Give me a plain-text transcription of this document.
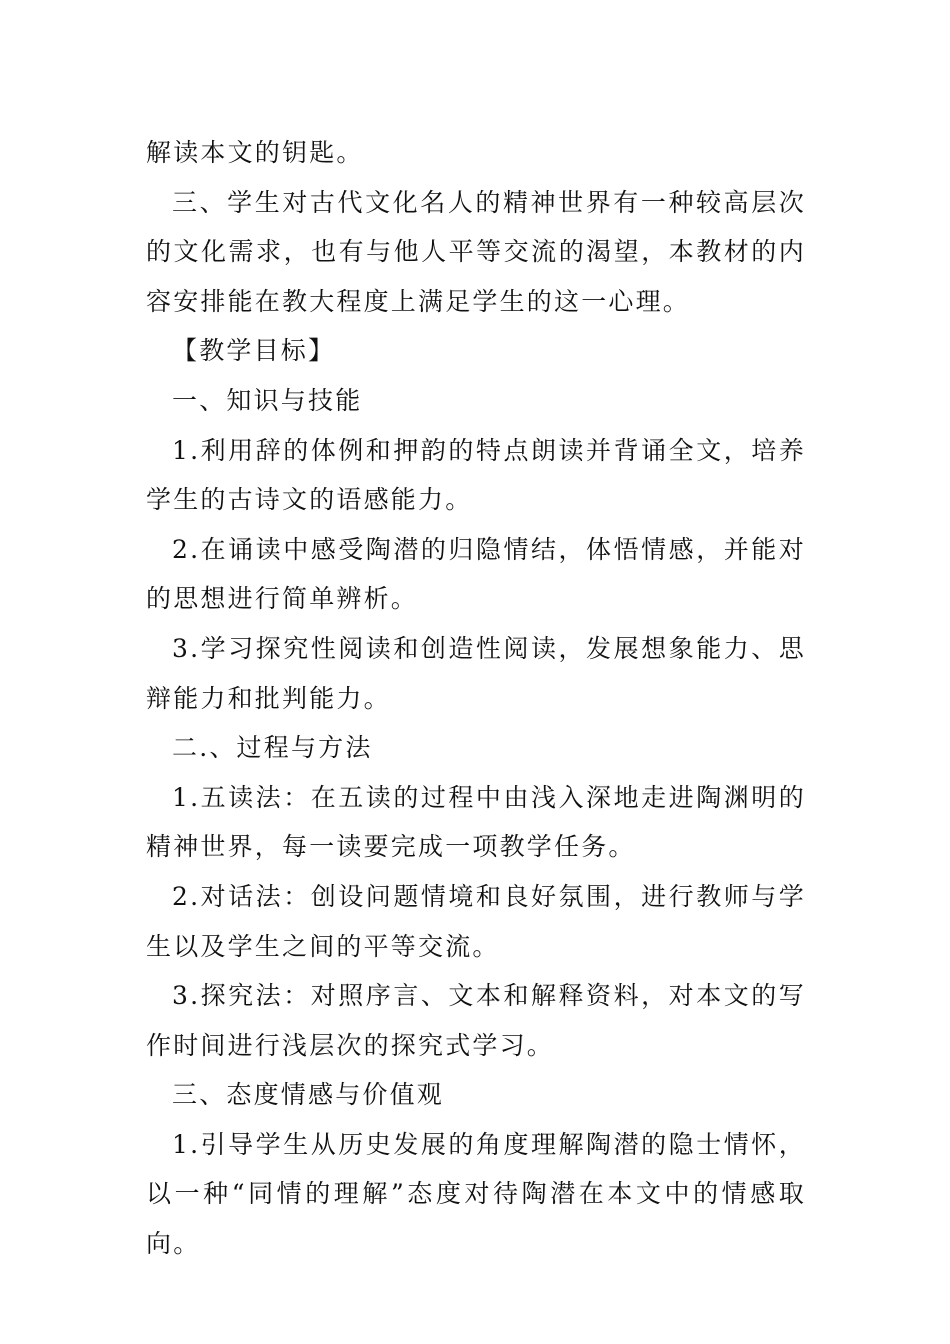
解读本文的钥匙。

三、学生对古代文化名人的精神世界有一种较高层次的文化需求，也有与他人平等交流的渴望，本教材的内容安排能在教大程度上满足学生的这一心理。

【教学目标】

一、知识与技能

1.利用辞的体例和押韵的特点朗读并背诵全文，培养学生的古诗文的语感能力。

2.在诵读中感受陶潜的归隐情结，体悟情感，并能对的思想进行简单辨析。

3.学习探究性阅读和创造性阅读，发展想象能力、思辩能力和批判能力。

二.、过程与方法

1.五读法：在五读的过程中由浅入深地走进陶渊明的精神世界，每一读要完成一项教学任务。

2.对话法：创设问题情境和良好氛围，进行教师与学生以及学生之间的平等交流。

3.探究法：对照序言、文本和解释资料，对本文的写作时间进行浅层次的探究式学习。

三、态度情感与价值观

1.引导学生从历史发展的角度理解陶潜的隐士情怀，以一种“同情的理解”态度对待陶潜在本文中的情感取向。
